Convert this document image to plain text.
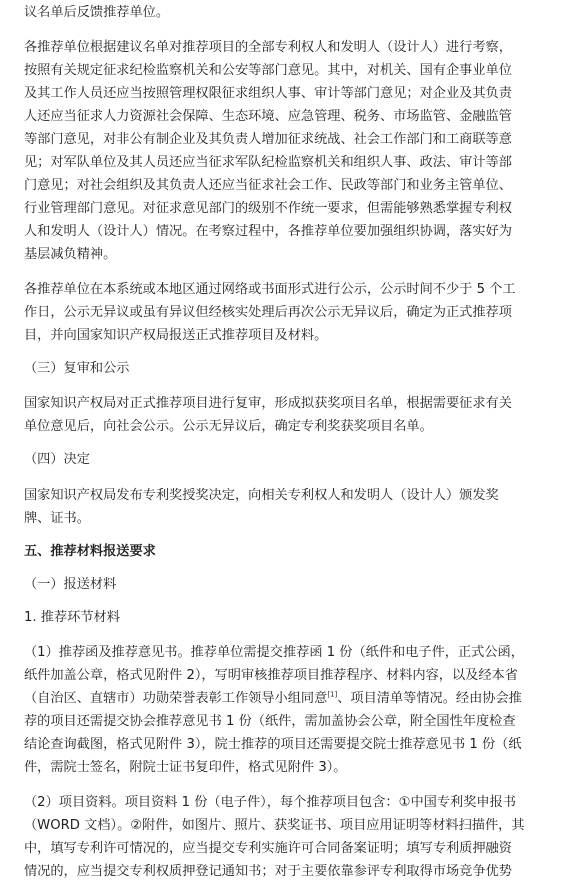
议名单后反馈推荐单位。
各推荐单位根据建议名单对推荐项目的全部专利权人和发明人（设计人）进行考察，
按照有关规定征求纪检监察机关和公安等部门意见。其中，对机关、国有企事业单位
及其工作人员还应当按照管理权限征求组织人事、审计等部门意见；对企业及其负责
人还应当征求人力资源社会保障、生态环境、应急管理、税务、市场监管、金融监管
等部门意见，对非公有制企业及其负责人增加征求统战、社会工作部门和工商联等意
见；对军队单位及其人员还应当征求军队纪检监察机关和组织人事、政法、审计等部
门意见；对社会组织及其负责人还应当征求社会工作、民政等部门和业务主管单位、
行业管理部门意见。对征求意见部门的级别不作统一要求，但需能够熟悉掌握专利权
人和发明人（设计人）情况。在考察过程中，各推荐单位要加强组织协调，落实好为
基层减负精神。
各推荐单位在本系统或本地区通过网络或书面形式进行公示，公示时间不少于 5 个工
作日，公示无异议或虽有异议但经核实处理后再次公示无异议后，确定为正式推荐项
目，并向国家知识产权局报送正式推荐项目及材料。
（三）复审和公示
国家知识产权局对正式推荐项目进行复审，形成拟获奖项目名单，根据需要征求有关
单位意见后，向社会公示。公示无异议后，确定专利奖获奖项目名单。
（四）决定
国家知识产权局发布专利奖授奖决定，向相关专利权人和发明人（设计人）颁发奖
牌、证书。
五、推荐材料报送要求
（一）报送材料
1. 推荐环节材料
（1）推荐函及推荐意见书。推荐单位需提交推荐函 1 份（纸件和电子件，正式公函，
纸件加盖公章，格式见附件 2），写明审核推荐项目推荐程序、材料内容，以及经本省
（自治区、直辖市）功勋荣誉表彰工作领导小组同意[1]、项目清单等情况。经由协会推
荐的项目还需提交协会推荐意见书 1 份（纸件，需加盖协会公章，附全国性年度检查
结论查询截图，格式见附件 3），院士推荐的项目还需要提交院士推荐意见书 1 份（纸
件，需院士签名，附院士证书复印件，格式见附件 3）。
（2）项目资料。项目资料 1 份（电子件），每个推荐项目包含：①中国专利奖申报书
（WORD 文档）。②附件，如图片、照片、获奖证书、项目应用证明等材料扫描件，其
中，填写专利许可情况的，应当提交专利实施许可合同备案证明；填写专利质押融资
情况的，应当提交专利权质押登记通知书；对于主要依靠参评专利取得市场竞争优势
